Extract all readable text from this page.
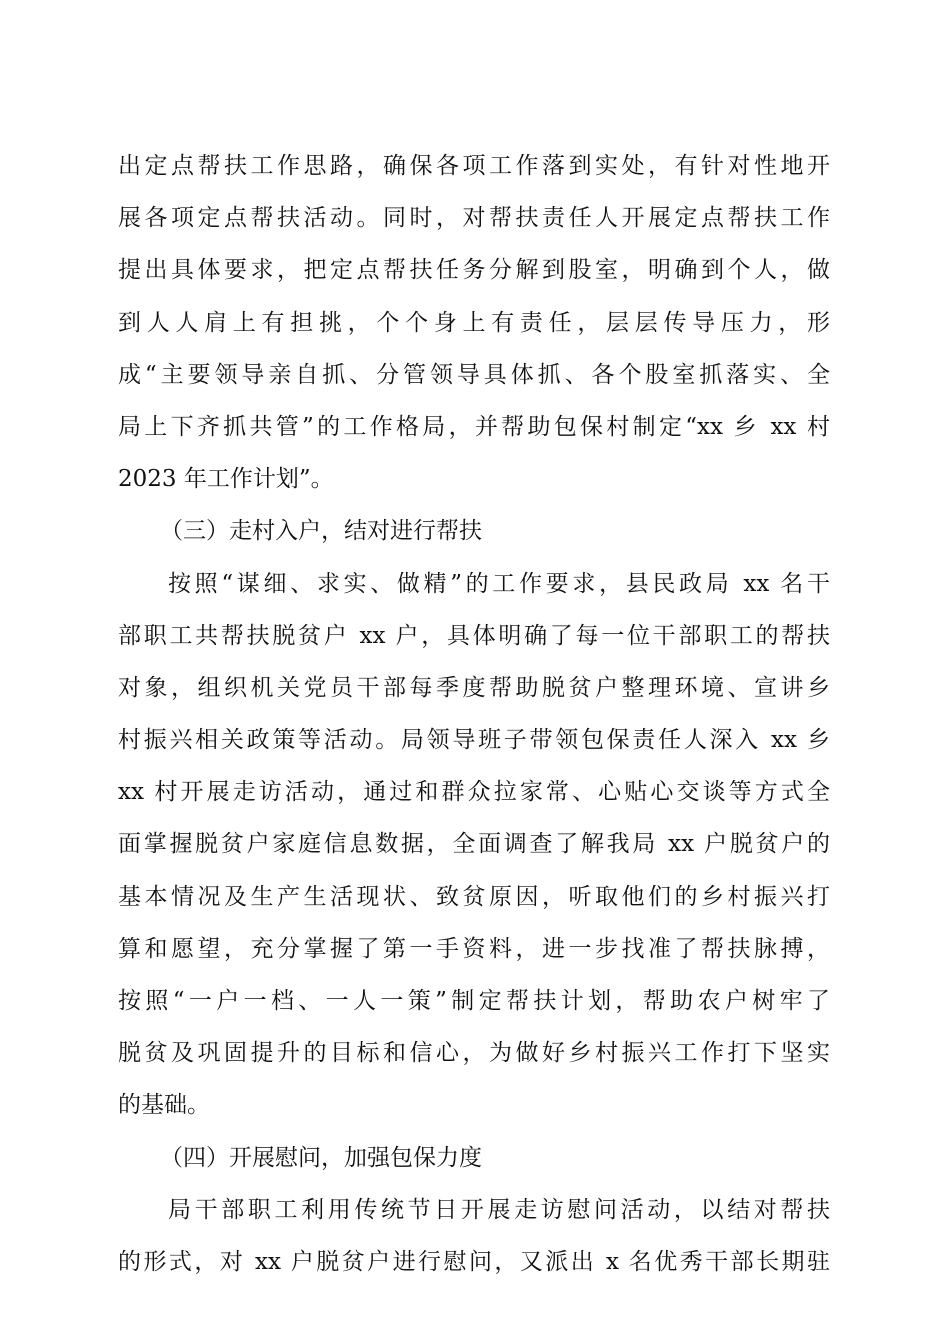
出定点帮扶工作思路，确保各项工作落到实处，有针对性地开
展各项定点帮扶活动。同时，对帮扶责任人开展定点帮扶工作
提出具体要求，把定点帮扶任务分解到股室，明确到个人，做
到人人肩上有担挑，个个身上有责任，层层传导压力，形
成“主要领导亲自抓、分管领导具体抓、各个股室抓落实、全
局上下齐抓共管”的工作格局，并帮助包保村制定“xx 乡 xx 村
2023 年工作计划”。
（三）走村入户，结对进行帮扶
按照“谋细、求实、做精”的工作要求，县民政局 xx 名干
部职工共帮扶脱贫户 xx 户，具体明确了每一位干部职工的帮扶
对象，组织机关党员干部每季度帮助脱贫户整理环境、宣讲乡
村振兴相关政策等活动。局领导班子带领包保责任人深入 xx 乡
xx 村开展走访活动，通过和群众拉家常、心贴心交谈等方式全
面掌握脱贫户家庭信息数据，全面调查了解我局 xx 户脱贫户的
基本情况及生产生活现状、致贫原因，听取他们的乡村振兴打
算和愿望，充分掌握了第一手资料，进一步找准了帮扶脉搏，
按照“一户一档、一人一策”制定帮扶计划，帮助农户树牢了
脱贫及巩固提升的目标和信心，为做好乡村振兴工作打下坚实
的基础。
（四）开展慰问，加强包保力度
局干部职工利用传统节日开展走访慰问活动，以结对帮扶
的形式，对 xx 户脱贫户进行慰问，又派出 x 名优秀干部长期驻
